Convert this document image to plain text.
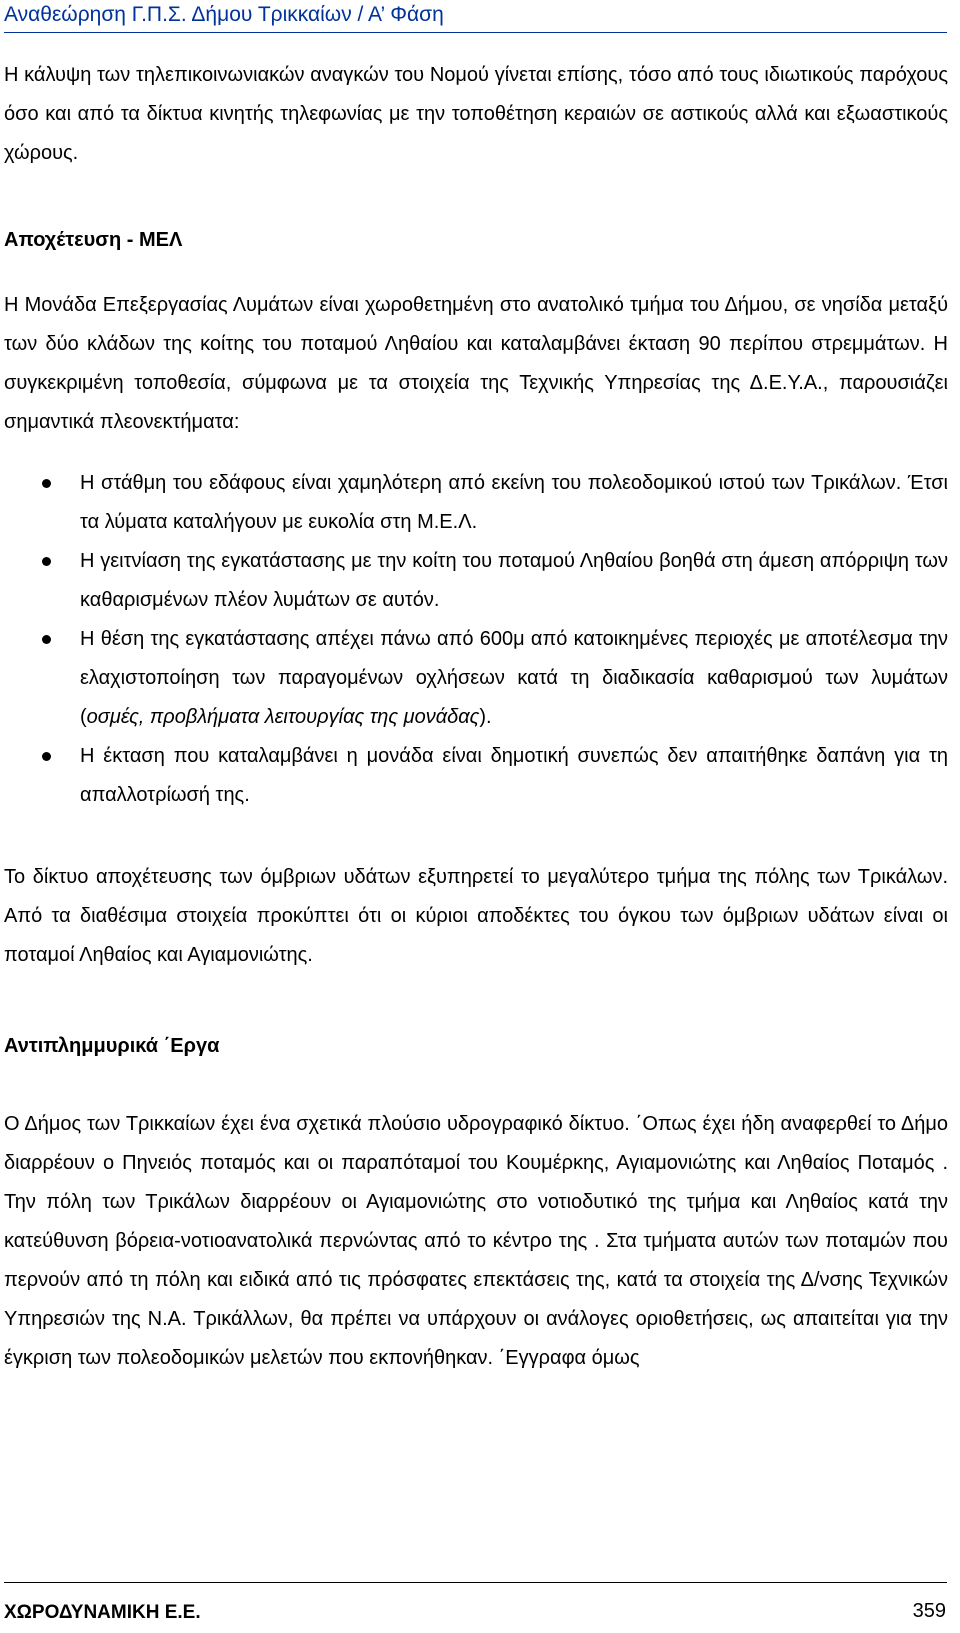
Αναθεώρηση Γ.Π.Σ. Δήμου Τρικκαίων / Α’ Φάση

Η κάλυψη των τηλεπικοινωνιακών αναγκών του Νομού γίνεται επίσης, τόσο από τους ιδιωτικούς παρόχους όσο και από τα δίκτυα κινητής τηλεφωνίας με την τοποθέτηση κεραιών σε αστικούς αλλά και εξωαστικούς χώρους.

Αποχέτευση - ΜΕΛ

Η Μονάδα Επεξεργασίας Λυμάτων είναι χωροθετημένη στο ανατολικό τμήμα του Δήμου, σε νησίδα μεταξύ των δύο κλάδων της κοίτης του ποταμού Ληθαίου και καταλαμβάνει έκταση 90 περίπου στρεμμάτων. Η συγκεκριμένη τοποθεσία, σύμφωνα με τα στοιχεία της Τεχνικής Υπηρεσίας της Δ.Ε.Υ.Α., παρουσιάζει σημαντικά πλεονεκτήματα:

Η στάθμη του εδάφους είναι χαμηλότερη από εκείνη του πολεοδομικού ιστού των Τρικάλων. Έτσι τα λύματα καταλήγουν με ευκολία στη Μ.Ε.Λ.
Η γειτνίαση της εγκατάστασης με την κοίτη του ποταμού Ληθαίου βοηθά στη άμεση απόρριψη των καθαρισμένων πλέον λυμάτων σε αυτόν.
Η θέση της εγκατάστασης απέχει πάνω από 600μ από κατοικημένες περιοχές με αποτέλεσμα την ελαχιστοποίηση των παραγομένων οχλήσεων κατά τη διαδικασία καθαρισμού των λυμάτων (οσμές, προβλήματα λειτουργίας της μονάδας).
Η έκταση που καταλαμβάνει η μονάδα είναι δημοτική συνεπώς δεν απαιτήθηκε δαπάνη για τη απαλλοτρίωσή της.

Το δίκτυο αποχέτευσης των όμβριων υδάτων εξυπηρετεί το μεγαλύτερο τμήμα της πόλης των Τρικάλων. Από τα διαθέσιμα στοιχεία προκύπτει ότι οι κύριοι αποδέκτες του όγκου των όμβριων υδάτων είναι οι ποταμοί Ληθαίος και Αγιαμονιώτης.

Αντιπλημμυρικά ΄Εργα

Ο Δήμος των Τρικκαίων έχει ένα σχετικά πλούσιο υδρογραφικό δίκτυο. ΄Οπως έχει ήδη αναφερθεί το Δήμο διαρρέουν ο Πηνειός ποταμός και οι παραπόταμοί του Κουμέρκης, Αγιαμονιώτης και Ληθαίος Ποταμός . Την πόλη των Τρικάλων διαρρέουν οι Αγιαμονιώτης στο νοτιοδυτικό της τμήμα και Ληθαίος κατά την κατεύθυνση βόρεια-νοτιοανατολικά περνώντας από το κέντρο της . Στα τμήματα αυτών των ποταμών που περνούν από τη πόλη και ειδικά από τις πρόσφατες επεκτάσεις της, κατά τα στοιχεία της Δ/νσης Τεχνικών Υπηρεσιών της Ν.Α. Τρικάλλων, θα πρέπει να υπάρχουν οι ανάλογες οριοθετήσεις, ως απαιτείται για την έγκριση των πολεοδομικών μελετών που εκπονήθηκαν. ΄Εγγραφα όμως

ΧΩΡΟΔΥΝΑΜΙΚΗ Ε.Ε.	359
